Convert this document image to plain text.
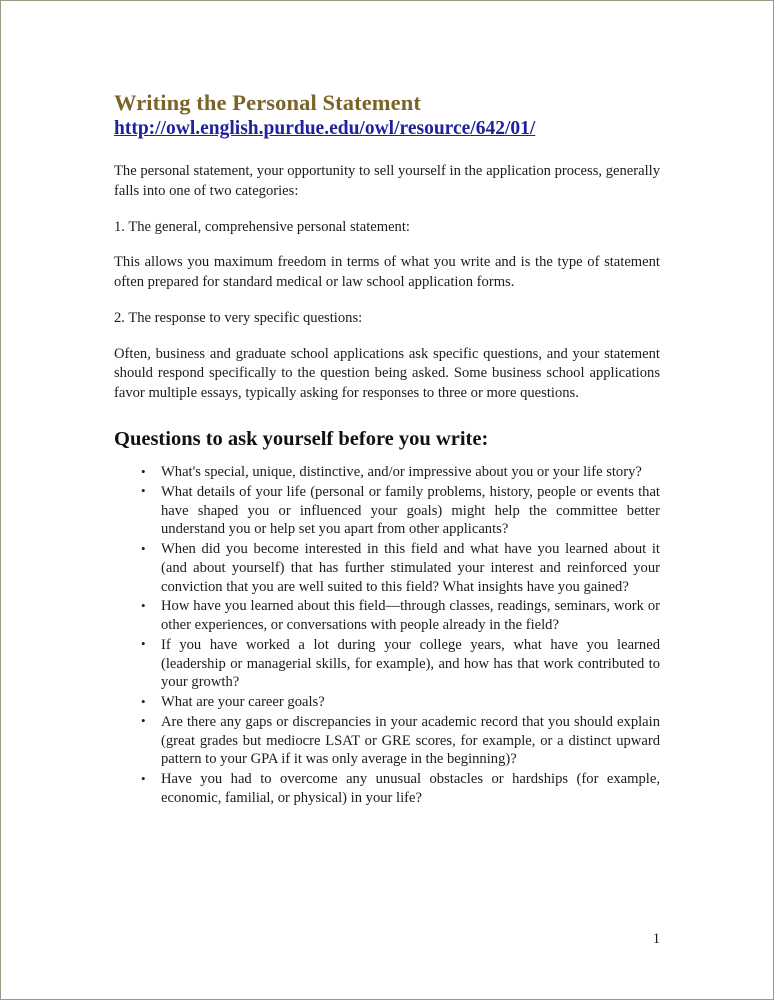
Writing the Personal Statement
http://owl.english.purdue.edu/owl/resource/642/01/

The personal statement, your opportunity to sell yourself in the application process, generally falls into one of two categories:

1. The general, comprehensive personal statement:

This allows you maximum freedom in terms of what you write and is the type of statement often prepared for standard medical or law school application forms.

2. The response to very specific questions:

Often, business and graduate school applications ask specific questions, and your statement should respond specifically to the question being asked. Some business school applications favor multiple essays, typically asking for responses to three or more questions.

Questions to ask yourself before you write:
• What's special, unique, distinctive, and/or impressive about you or your life story?
• What details of your life (personal or family problems, history, people or events that have shaped you or influenced your goals) might help the committee better understand you or help set you apart from other applicants?
• When did you become interested in this field and what have you learned about it (and about yourself) that has further stimulated your interest and reinforced your conviction that you are well suited to this field? What insights have you gained?
• How have you learned about this field—through classes, readings, seminars, work or other experiences, or conversations with people already in the field?
• If you have worked a lot during your college years, what have you learned (leadership or managerial skills, for example), and how has that work contributed to your growth?
• What are your career goals?
• Are there any gaps or discrepancies in your academic record that you should explain (great grades but mediocre LSAT or GRE scores, for example, or a distinct upward pattern to your GPA if it was only average in the beginning)?
• Have you had to overcome any unusual obstacles or hardships (for example, economic, familial, or physical) in your life?
1
